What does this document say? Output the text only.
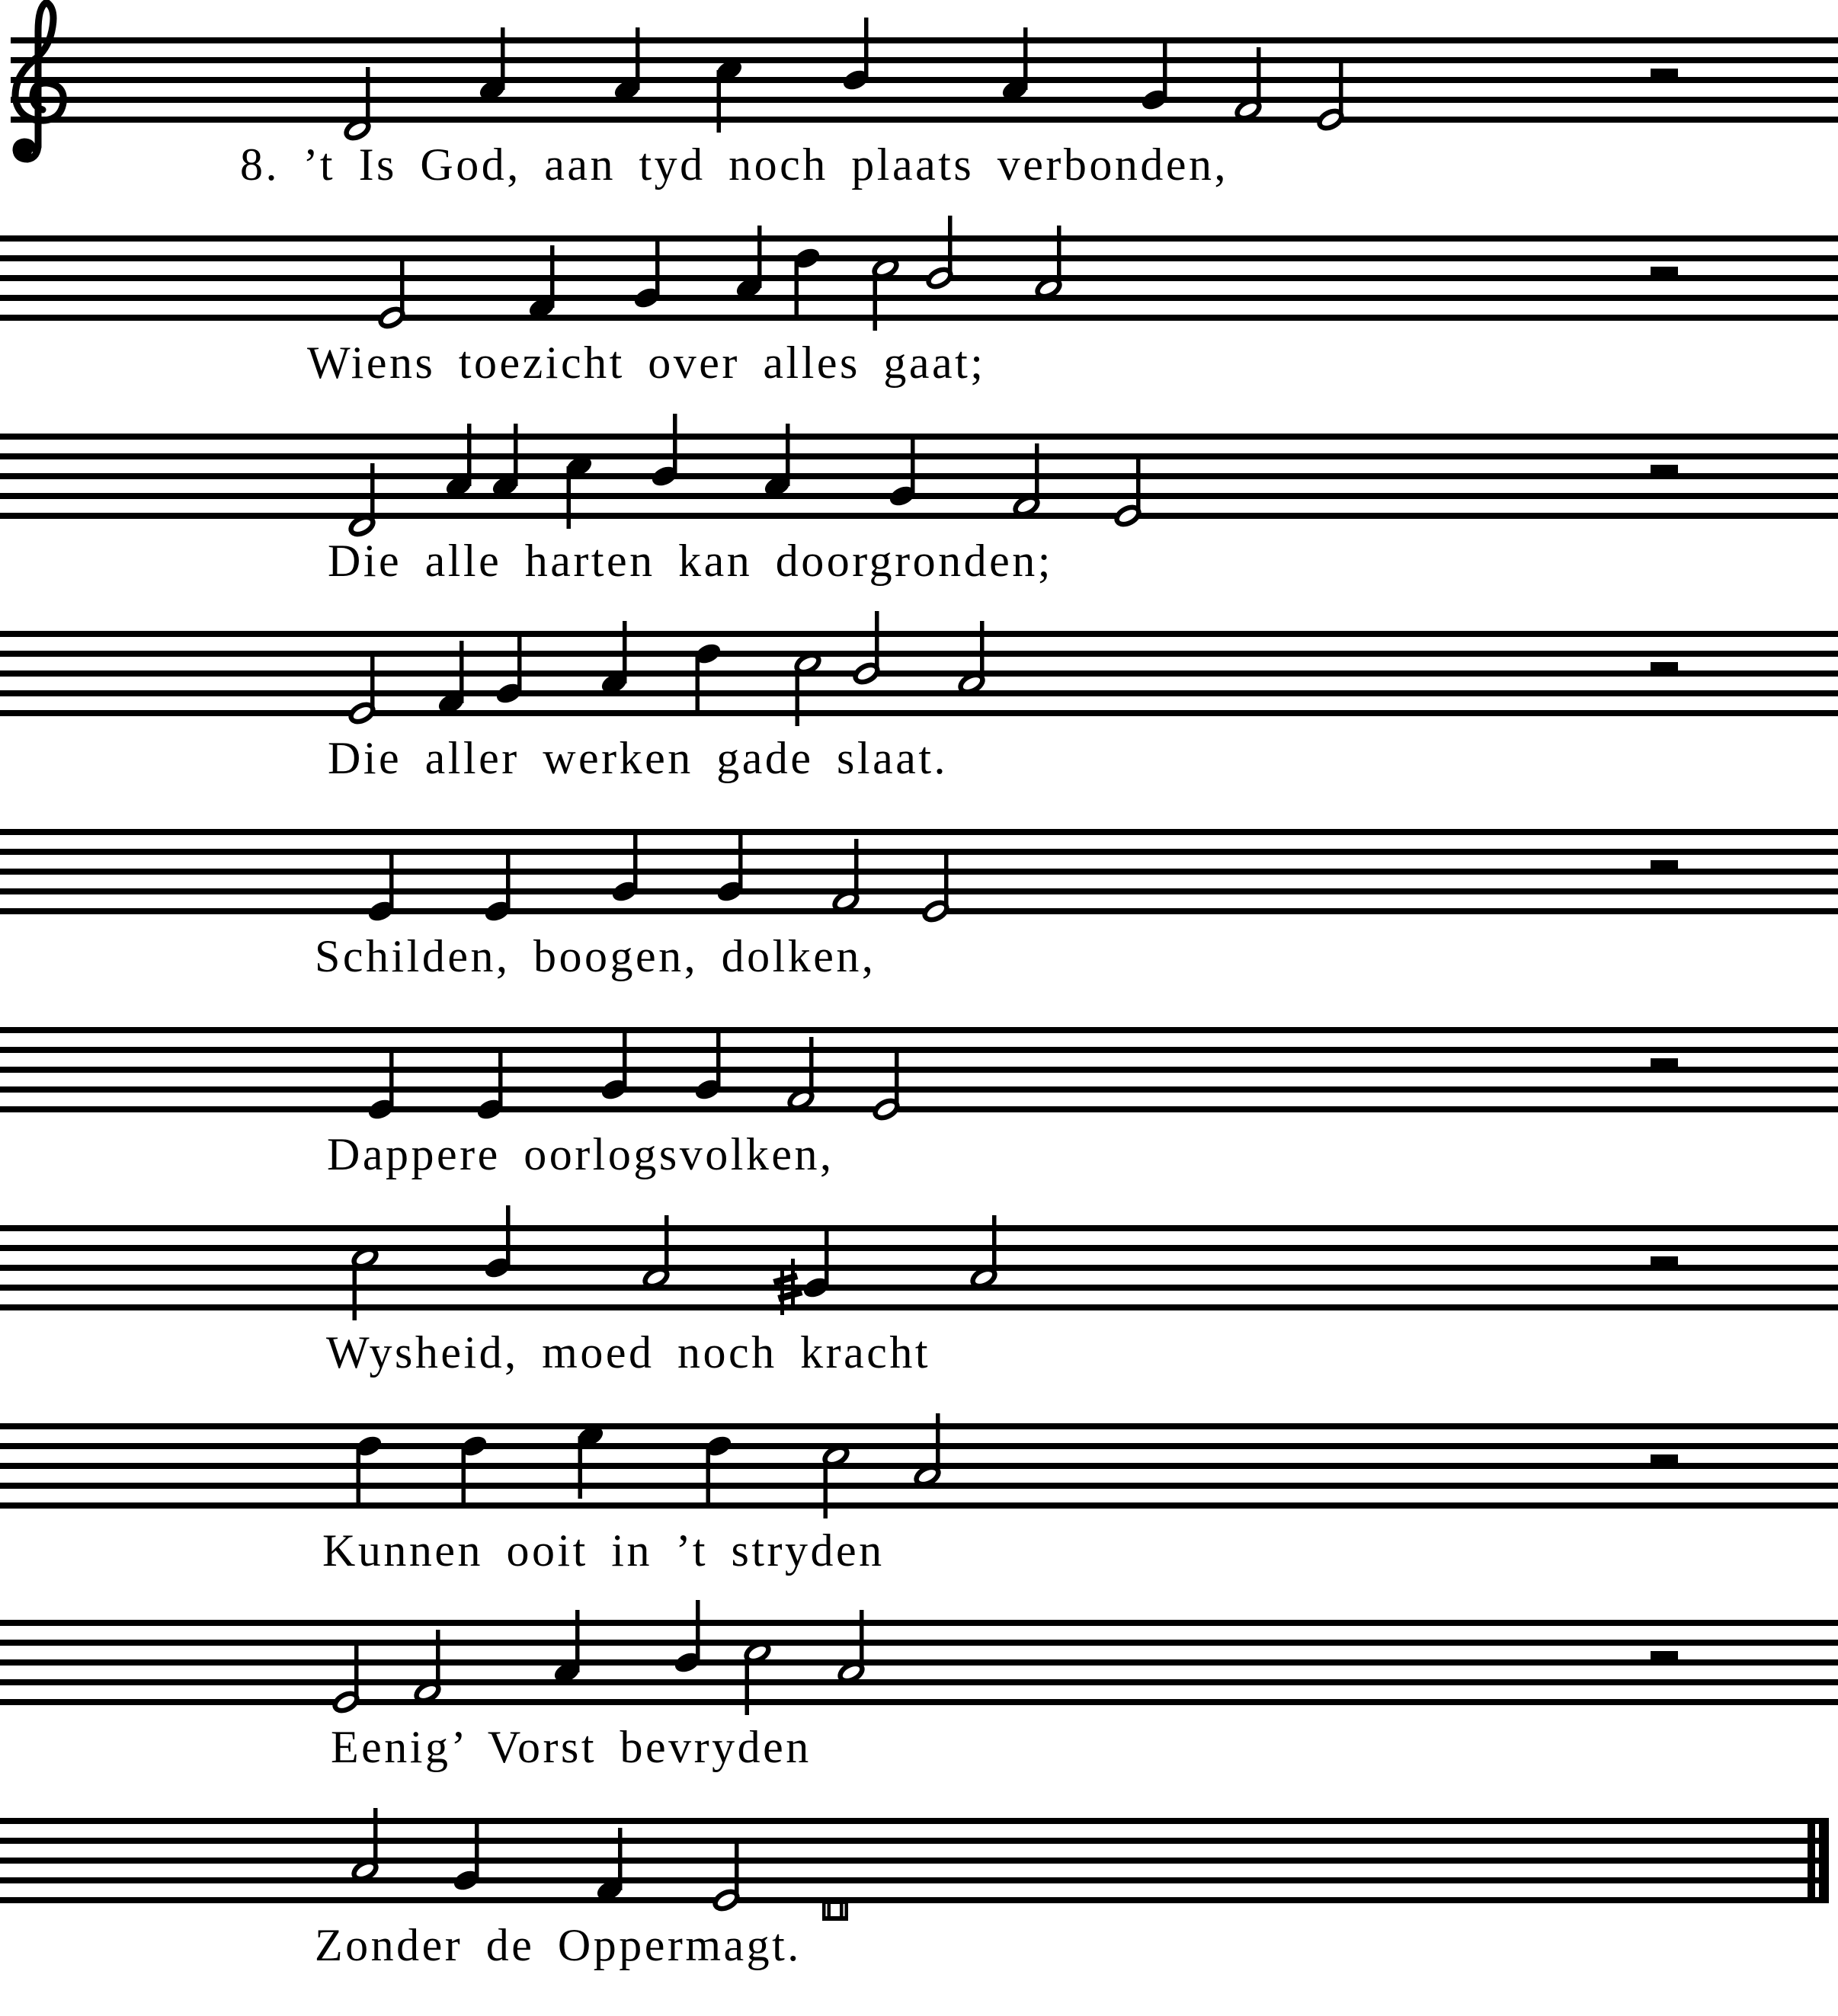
8. ’t Is God, aan tyd noch plaats verbonden,
Wiens toezicht over alles gaat;
Die alle harten kan doorgronden;
Die aller werken gade slaat.
Schilden, boogen, dolken,
Dappere oorlogsvolken,
Wysheid, moed noch kracht
Kunnen ooit in ’t stryden
Eenig’ Vorst bevryden
Zonder de Oppermagt.
